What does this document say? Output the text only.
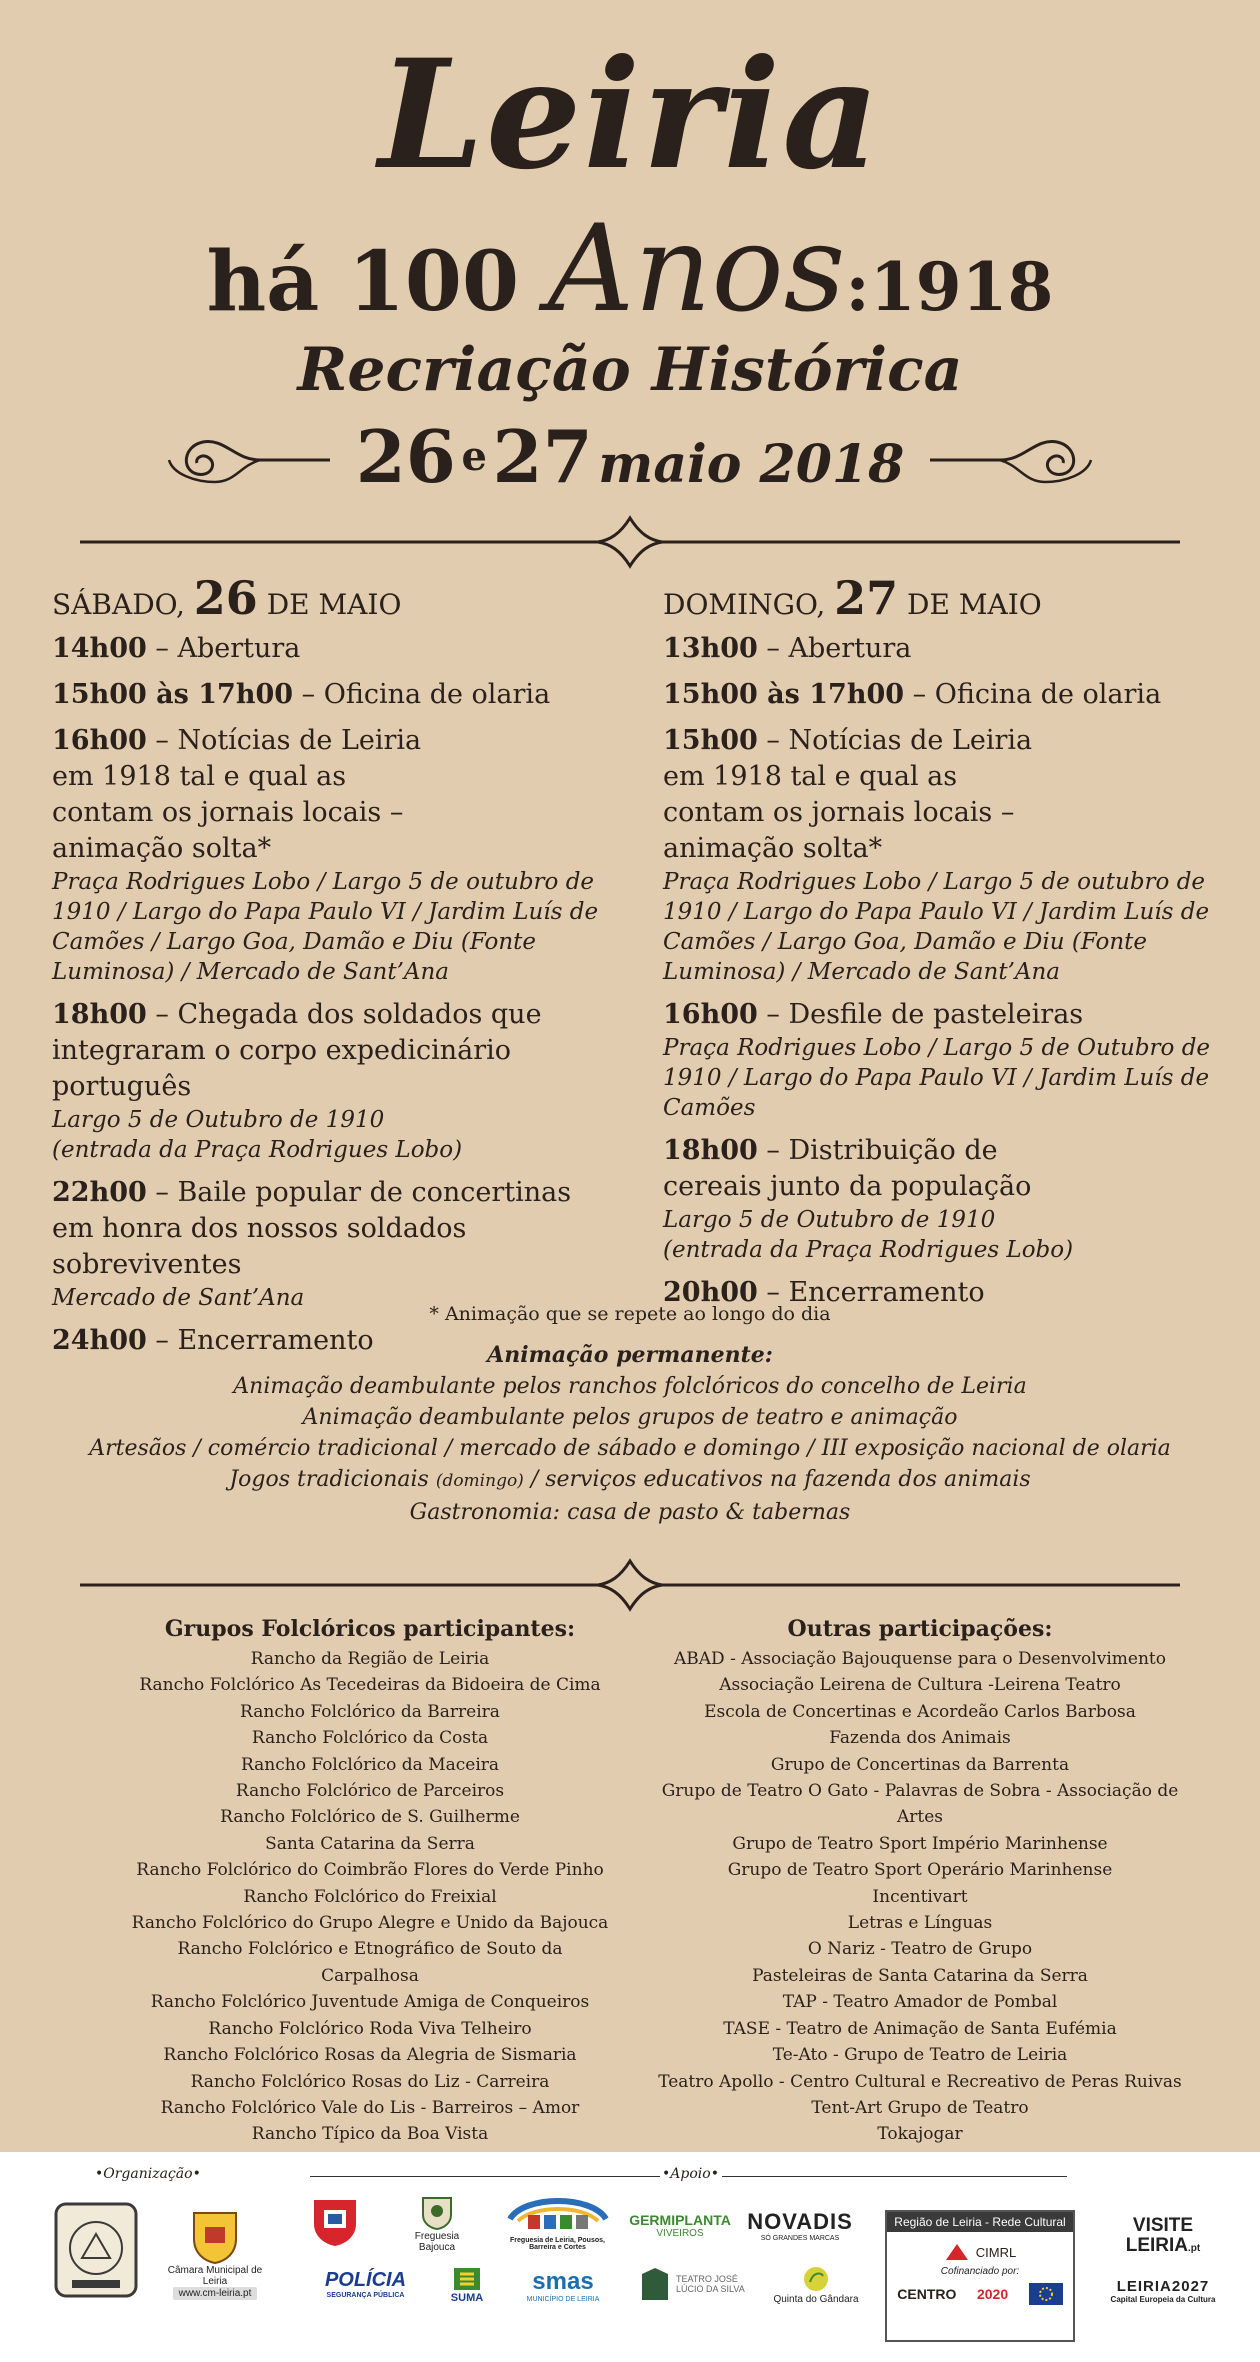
Leiria
há 100 Anos:1918
Recriação Histórica
26 e 27 maio 2018
SÁBADO, 26 DE MAIO
14h00 – Abertura
15h00 às 17h00 – Oficina de olaria
16h00 – Notícias de Leiria em 1918 tal e qual as contam os jornais locais – animação solta*
Praça Rodrigues Lobo / Largo 5 de outubro de 1910 / Largo do Papa Paulo VI / Jardim Luís de Camões / Largo Goa, Damão e Diu (Fonte Luminosa) / Mercado de Sant’Ana
18h00 – Chegada dos soldados que integraram o corpo expedicinário português
Largo 5 de Outubro de 1910 (entrada da Praça Rodrigues Lobo)
22h00 – Baile popular de concertinas em honra dos nossos soldados sobreviventes
Mercado de Sant’Ana
24h00 – Encerramento
DOMINGO, 27 DE MAIO
13h00 – Abertura
15h00 às 17h00 – Oficina de olaria
15h00 – Notícias de Leiria em 1918 tal e qual as contam os jornais locais – animação solta*
Praça Rodrigues Lobo / Largo 5 de outubro de 1910 / Largo do Papa Paulo VI / Jardim Luís de Camões / Largo Goa, Damão e Diu (Fonte Luminosa) / Mercado de Sant’Ana
16h00 – Desfile de pasteleiras
Praça Rodrigues Lobo / Largo 5 de Outubro de 1910 / Largo do Papa Paulo VI / Jardim Luís de Camões
18h00 – Distribuição de cereais junto da população
Largo 5 de Outubro de 1910 (entrada da Praça Rodrigues Lobo)
20h00 – Encerramento
* Animação que se repete ao longo do dia
Animação permanente:
Animação deambulante pelos ranchos folclóricos do concelho de Leiria
Animação deambulante pelos grupos de teatro e animação
Artesãos / comércio tradicional / mercado de sábado e domingo / III exposição nacional de olaria
Jogos tradicionais (domingo) / serviços educativos na fazenda dos animais
Gastronomia: casa de pasto & tabernas
Grupos Folclóricos participantes:
Rancho da Região de Leiria
Rancho Folclórico As Tecedeiras da Bidoeira de Cima
Rancho Folclórico da Barreira
Rancho Folclórico da Costa
Rancho Folclórico da Maceira
Rancho Folclórico de Parceiros
Rancho Folclórico de S. Guilherme
Santa Catarina da Serra
Rancho Folclórico do Coimbrão Flores do Verde Pinho
Rancho Folclórico do Freixial
Rancho Folclórico do Grupo Alegre e Unido da Bajouca
Rancho Folclórico e Etnográfico de Souto da Carpalhosa
Rancho Folclórico Juventude Amiga de Conqueiros
Rancho Folclórico Roda Viva Telheiro
Rancho Folclórico Rosas da Alegria de Sismaria
Rancho Folclórico Rosas do Liz - Carreira
Rancho Folclórico Vale do Lis - Barreiros – Amor
Rancho Típico da Boa Vista
Outras participações:
ABAD - Associação Bajouquense para o Desenvolvimento
Associação Leirena de Cultura -Leirena Teatro
Escola de Concertinas e Acordeão Carlos Barbosa
Fazenda dos Animais
Grupo de Concertinas da Barrenta
Grupo de Teatro O Gato - Palavras de Sobra - Associação de Artes
Grupo de Teatro Sport Império Marinhense
Grupo de Teatro Sport Operário Marinhense
Incentivart
Letras e Línguas
O Nariz - Teatro de Grupo
Pasteleiras de Santa Catarina da Serra
TAP - Teatro Amador de Pombal
TASE - Teatro de Animação de Santa Eufémia
Te-Ato - Grupo de Teatro de Leiria
Teatro Apollo - Centro Cultural e Recreativo de Peras Ruivas
Tent-Art Grupo de Teatro
Tokajogar
•Organização•	•Apoio•
Câmara Municipal de Leiria
www.cm-leiria.pt
Freguesia Bajouca
Freguesia de Leiria, Pousos, Barreira e Cortes
GERMIPLANTA
VIVEIROS NOVADIS
SÓ GRANDES MARCAS
Região de Leiria - Rede Cultural
CIMRL
Cofinanciado por:
CENTRO 2020
VISITE
LEIRIA.pt
LEIRIA2027
Capital Europeia da Cultura
POLÍCIA
SEGURANÇA PÚBLICA	SUMA
smas
MUNICÍPIO DE LEIRIA
TEATRO JOSÉ LÚCIO DA SILVA
Quinta do Gândara
